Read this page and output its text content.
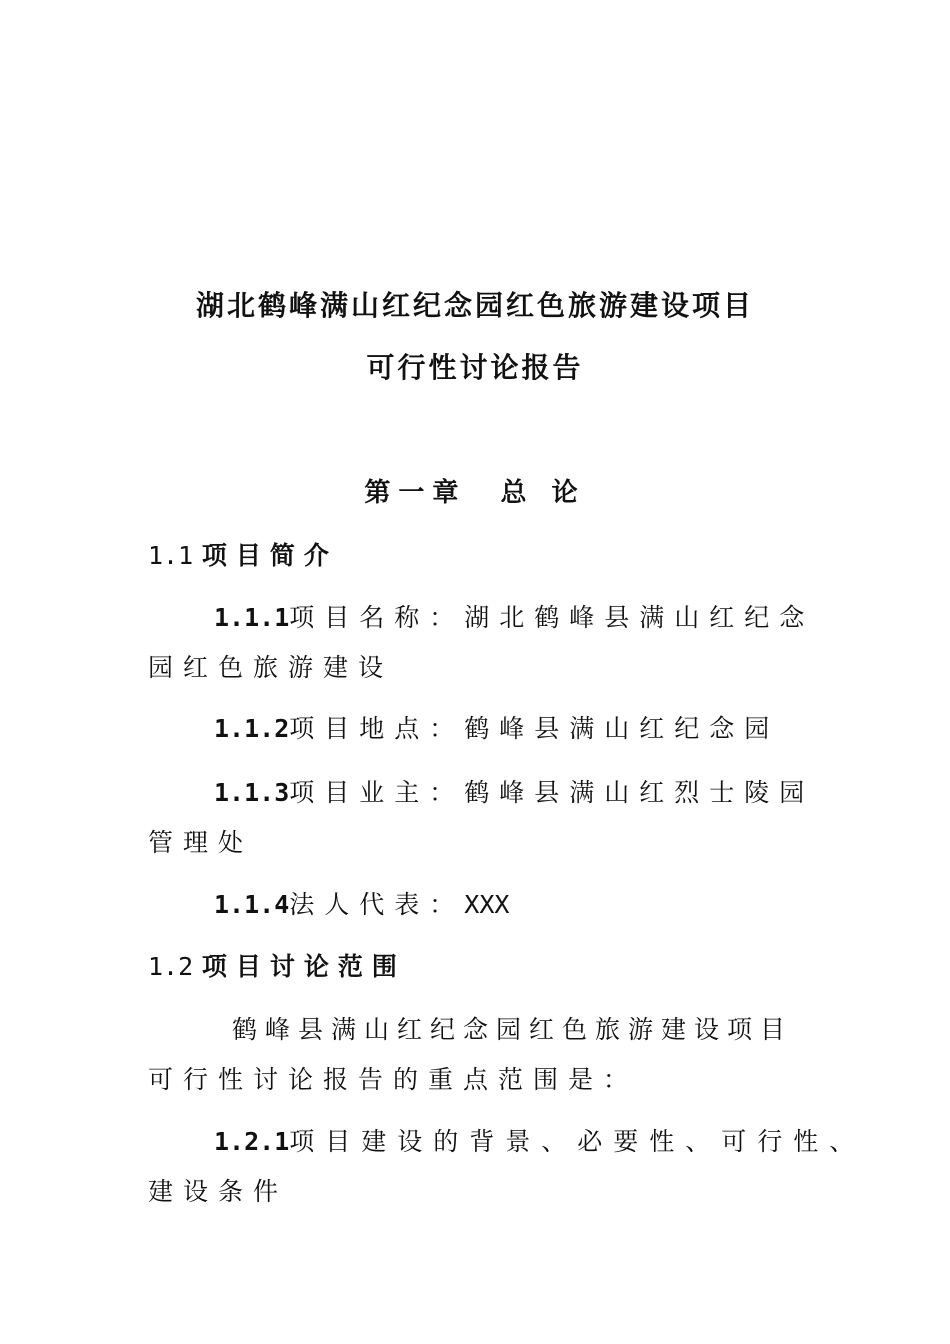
湖北鹤峰满山红纪念园红色旅游建设项目
可行性讨论报告
第一章  总 论
1.1 项目简介
1.1.1项目名称：湖北鹤峰县满山红纪念
园红色旅游建设
1.1.2项目地点：鹤峰县满山红纪念园
1.1.3项目业主：鹤峰县满山红烈士陵园
管理处
1.1.4法人代表：XXX
1.2 项目讨论范围
鹤峰县满山红纪念园红色旅游建设项目
可行性讨论报告的重点范围是：
1.2.1项目建设的背景、必要性、可行性、
建设条件
